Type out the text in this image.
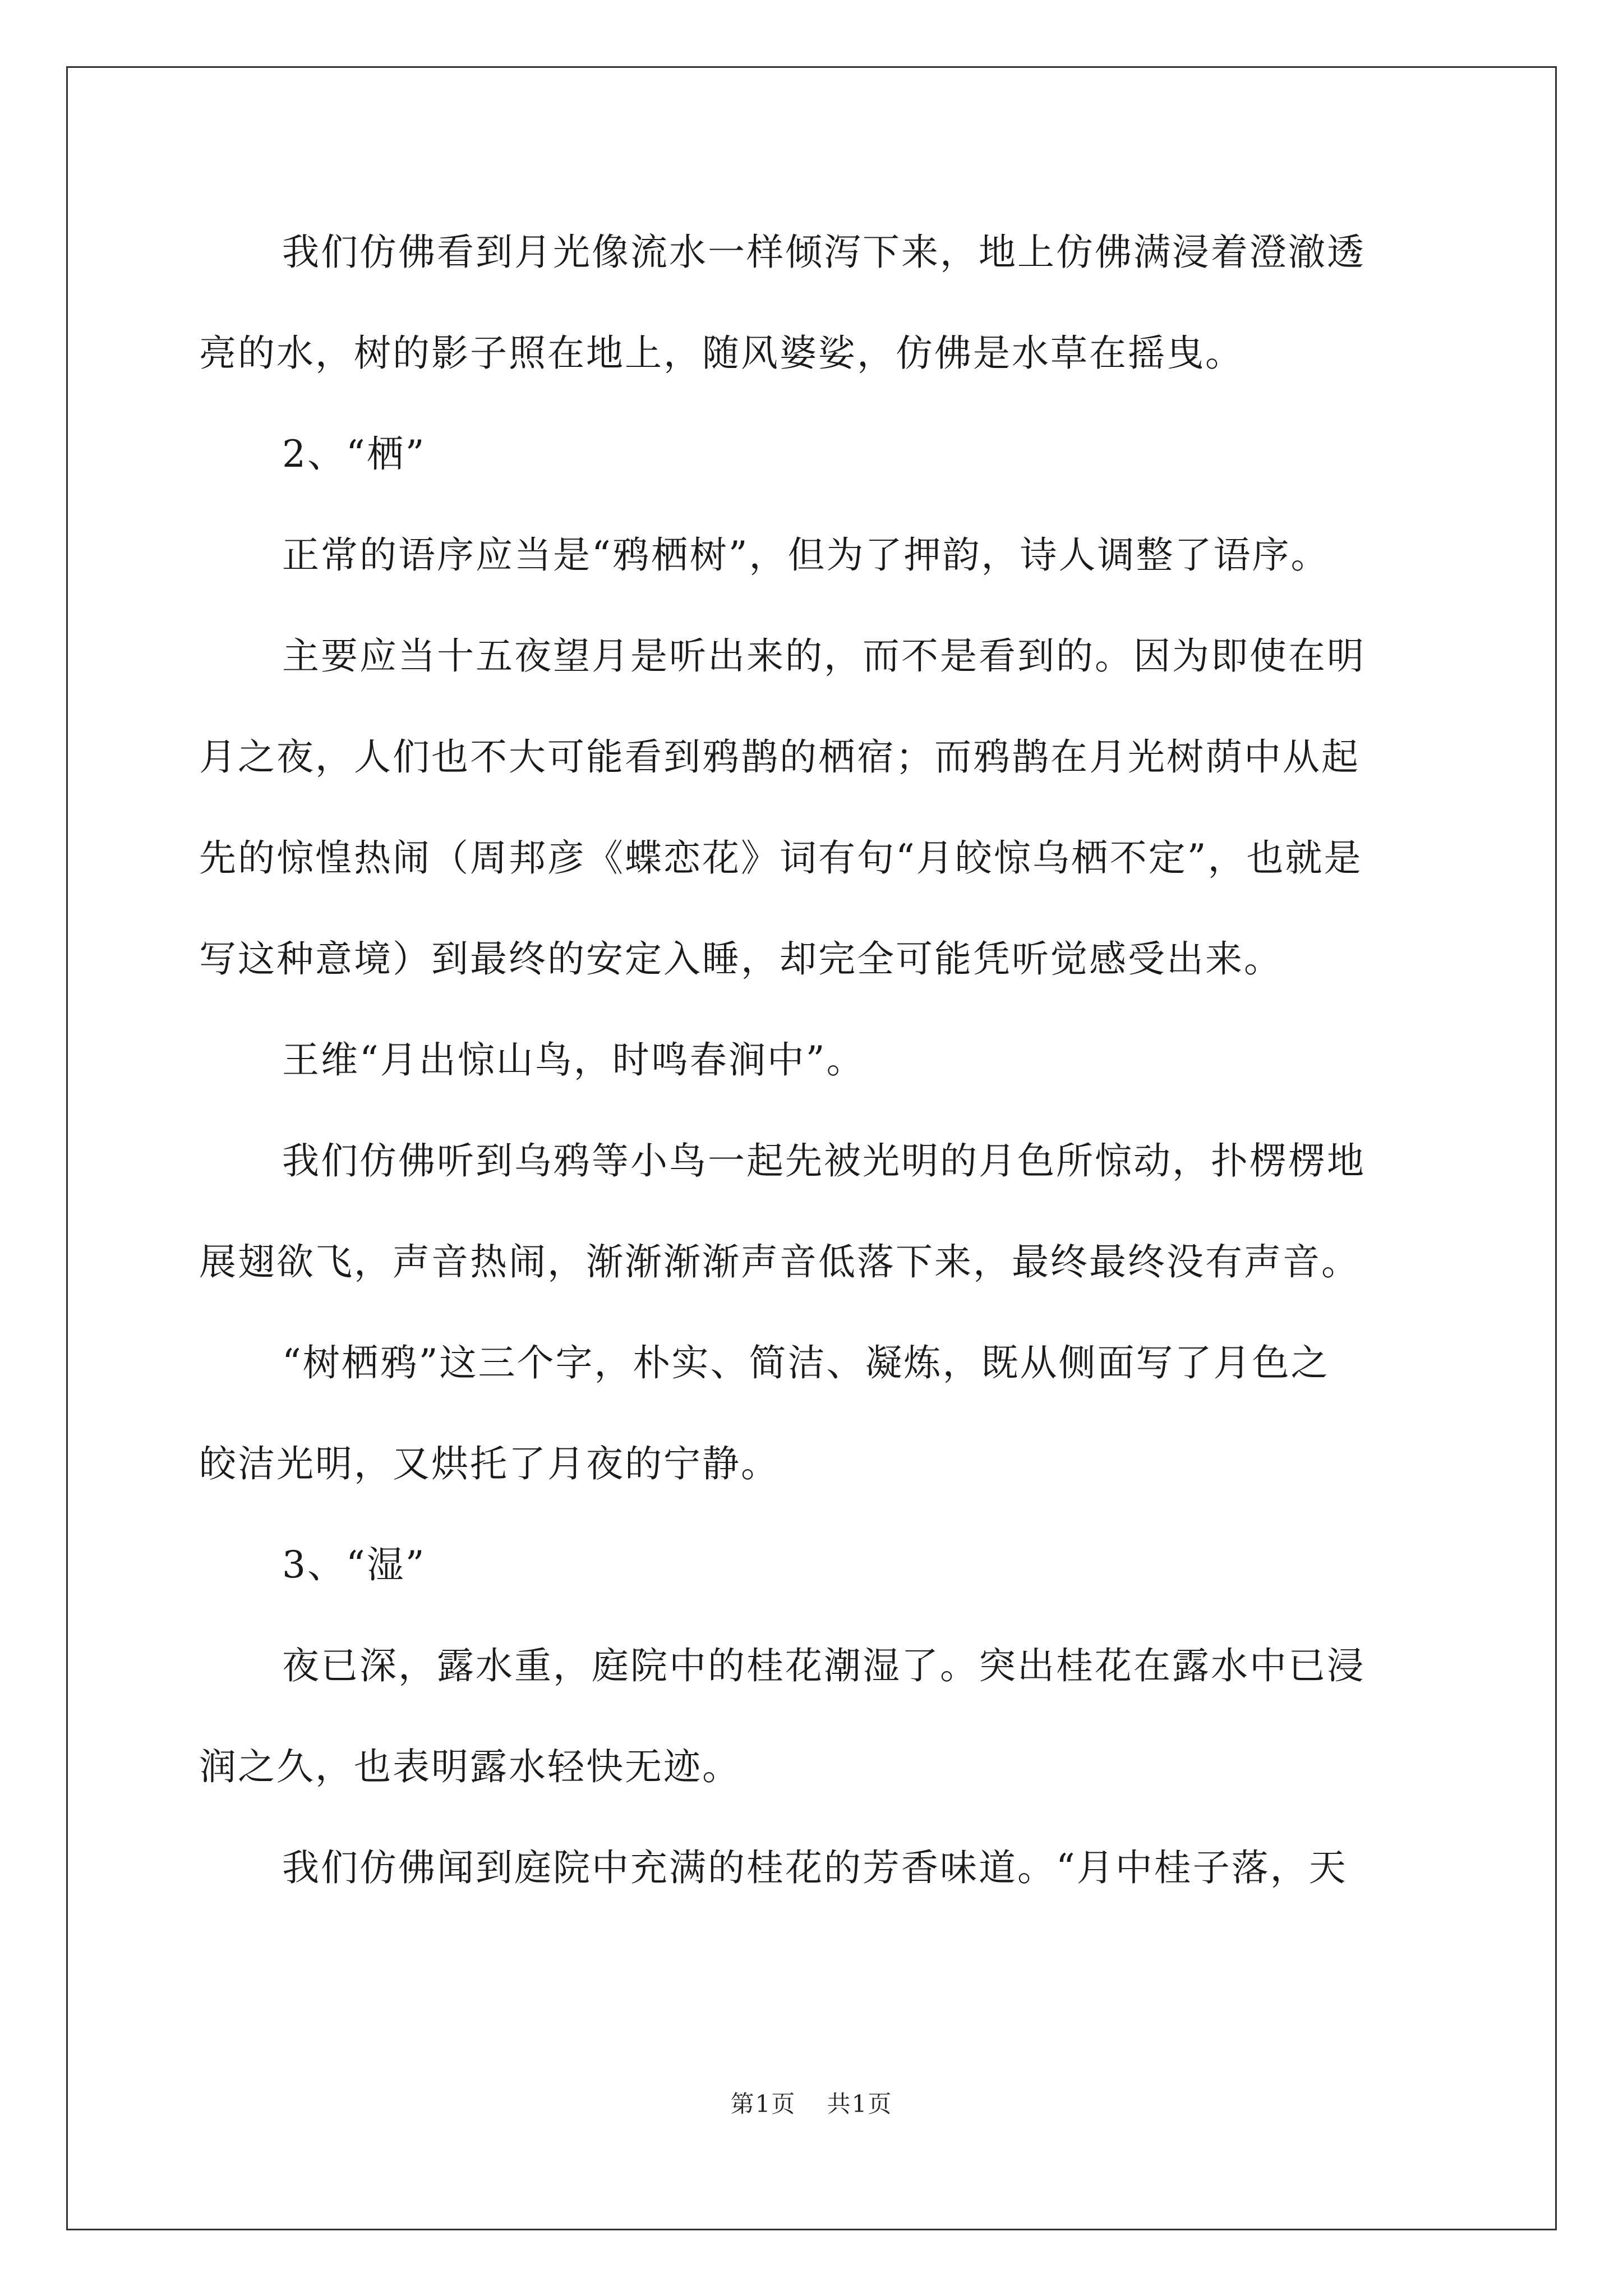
我们仿佛看到月光像流水一样倾泻下来，地上仿佛满浸着澄澈透
亮的水，树的影子照在地上，随风婆娑，仿佛是水草在摇曳。

2、“栖”

正常的语序应当是“鸦栖树”，但为了押韵，诗人调整了语序。

主要应当十五夜望月是听出来的，而不是看到的。因为即使在明
月之夜，人们也不大可能看到鸦鹊的栖宿；而鸦鹊在月光树荫中从起
先的惊惶热闹（周邦彦《蝶恋花》词有句“月皎惊乌栖不定”，也就是
写这种意境）到最终的安定入睡，却完全可能凭听觉感受出来。

王维“月出惊山鸟，时鸣春涧中”。

我们仿佛听到乌鸦等小鸟一起先被光明的月色所惊动，扑楞楞地
展翅欲飞，声音热闹，渐渐渐渐声音低落下来，最终最终没有声音。

“树栖鸦”这三个字，朴实、简洁、凝炼，既从侧面写了月色之
皎洁光明，又烘托了月夜的宁静。

3、“湿”

夜已深，露水重，庭院中的桂花潮湿了。突出桂花在露水中已浸
润之久，也表明露水轻快无迹。

我们仿佛闻到庭院中充满的桂花的芳香味道。“月中桂子落，天

第1页 共1页
